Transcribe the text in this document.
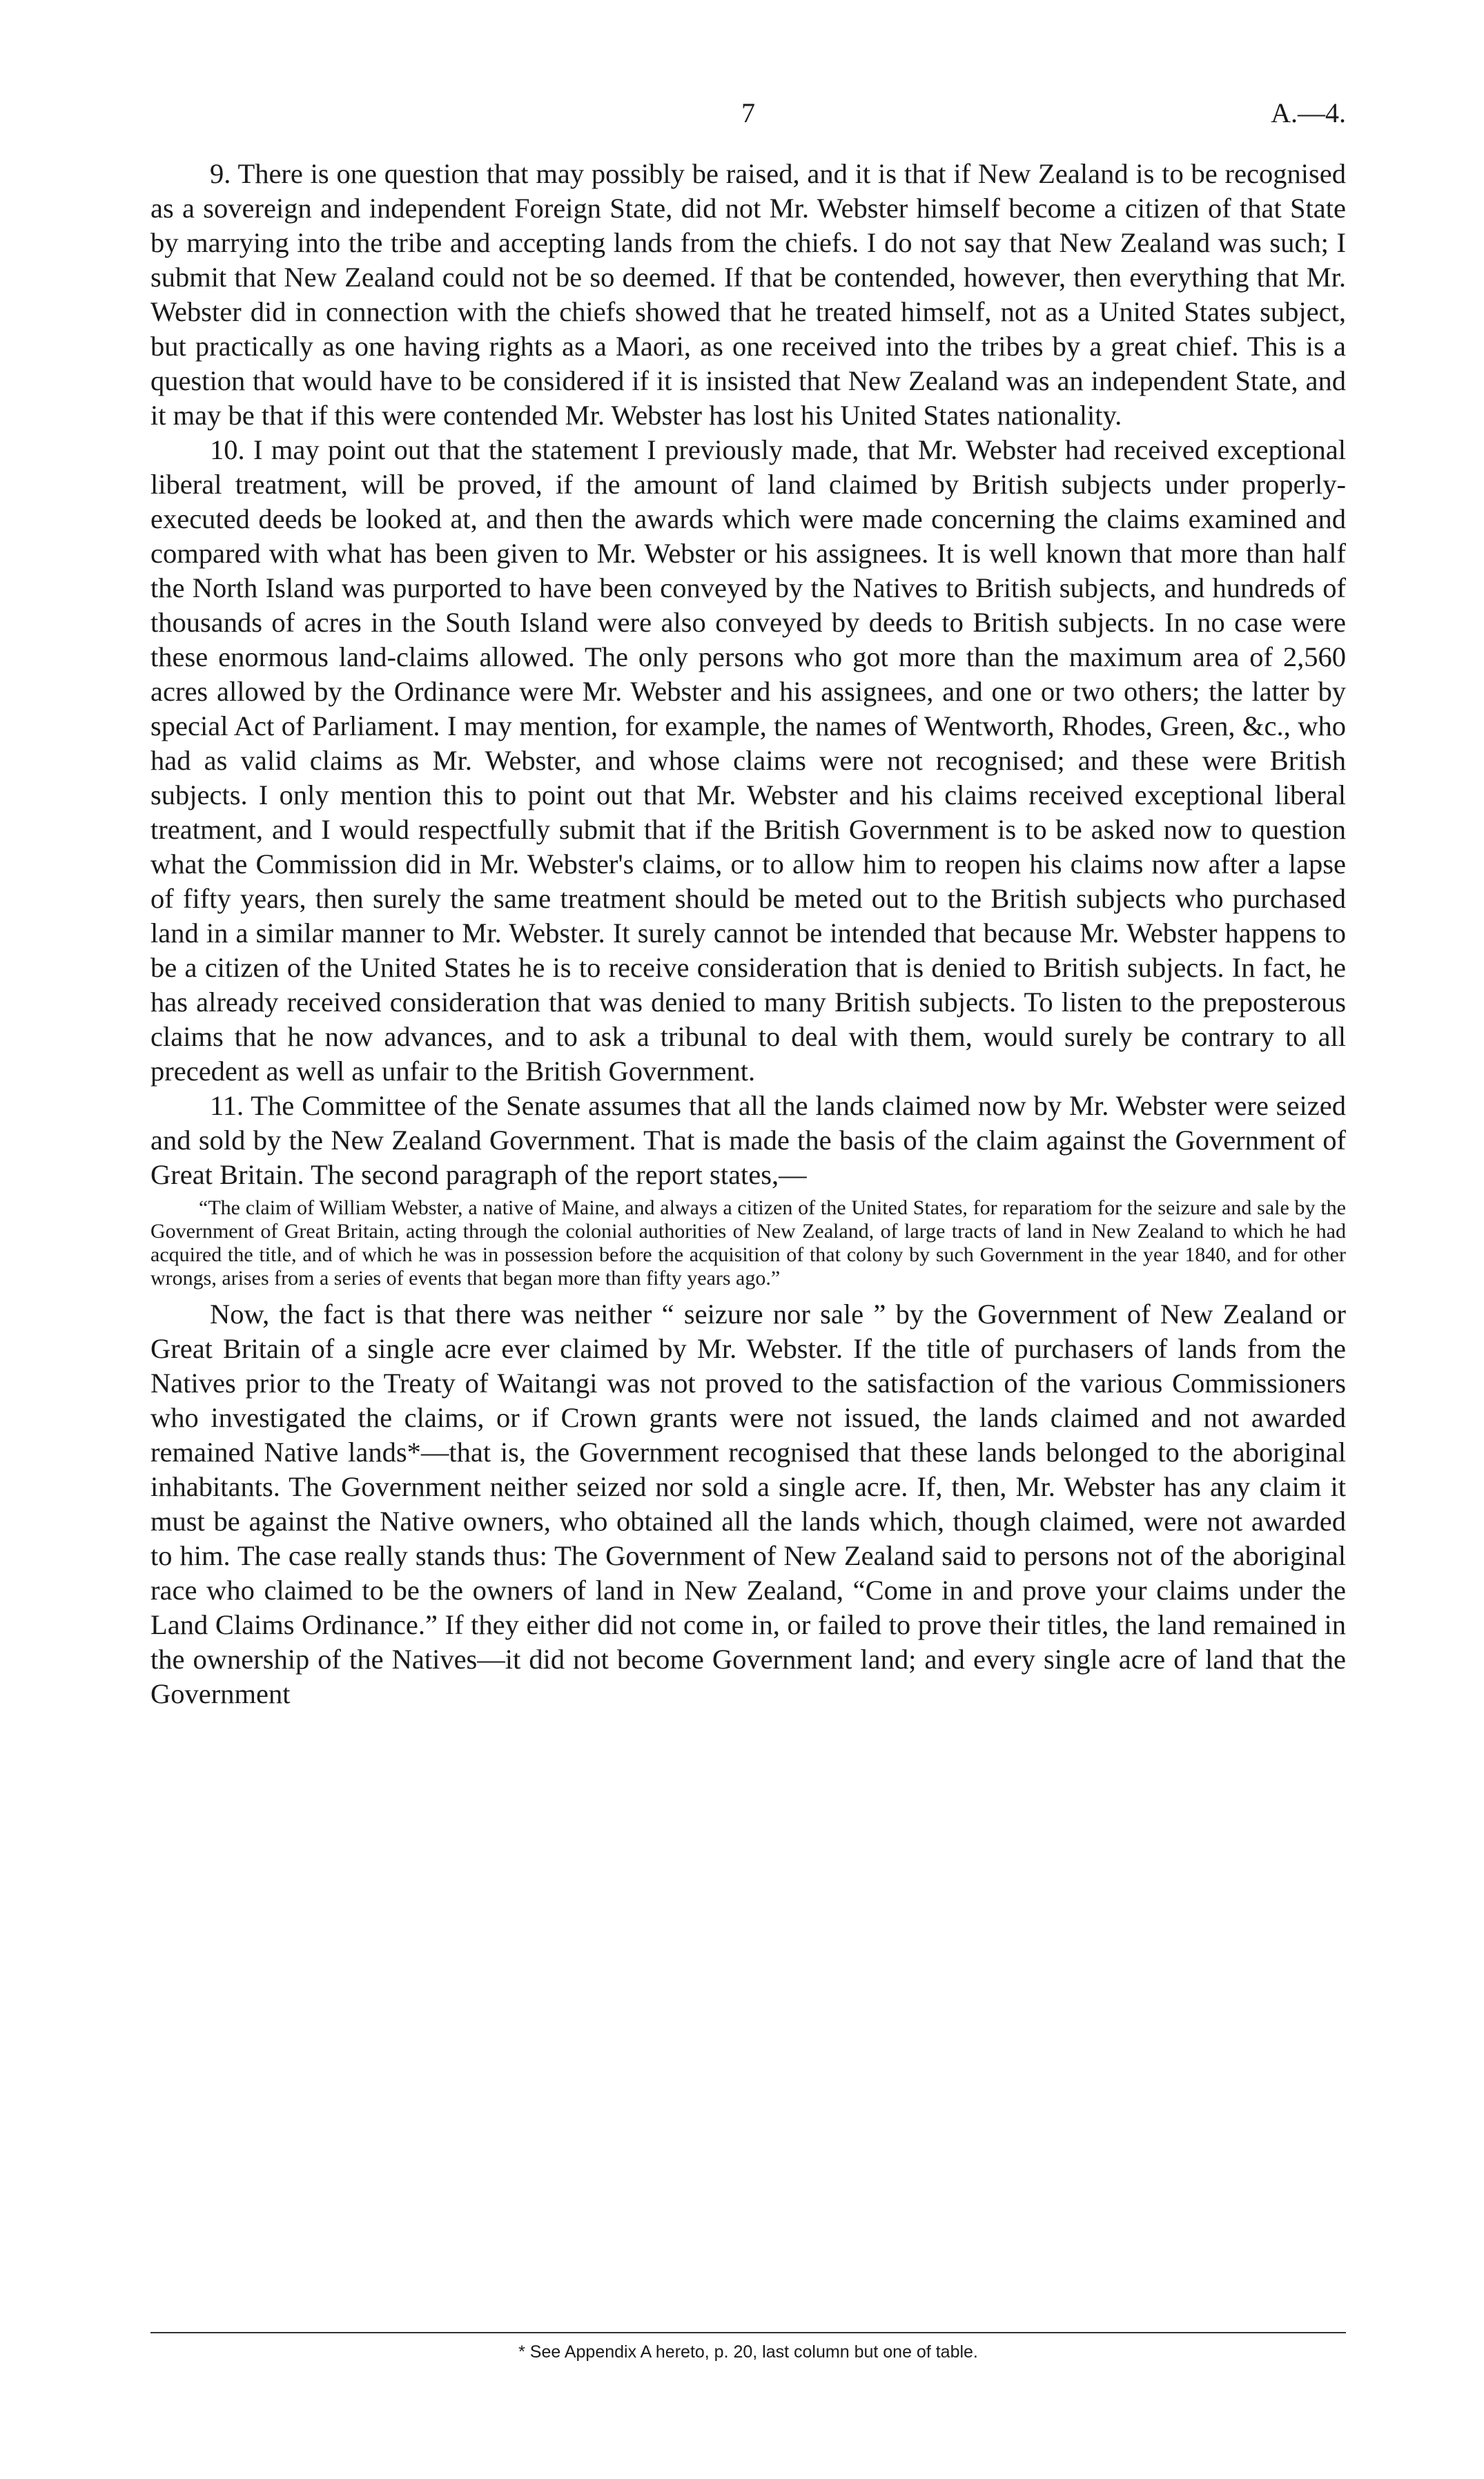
7	A.—4.

9. There is one question that may possibly be raised, and it is that if New Zealand is to be recognised as a sovereign and independent Foreign State, did not Mr. Webster himself become a citizen of that State by marrying into the tribe and accepting lands from the chiefs. I do not say that New Zealand was such; I submit that New Zealand could not be so deemed. If that be contended, however, then everything that Mr. Webster did in connection with the chiefs showed that he treated himself, not as a United States subject, but practically as one having rights as a Maori, as one received into the tribes by a great chief. This is a question that would have to be considered if it is insisted that New Zealand was an independent State, and it may be that if this were contended Mr. Webster has lost his United States nationality.

10. I may point out that the statement I previously made, that Mr. Webster had received exceptional liberal treatment, will be proved, if the amount of land claimed by British subjects under properly-executed deeds be looked at, and then the awards which were made concerning the claims examined and compared with what has been given to Mr. Webster or his assignees. It is well known that more than half the North Island was purported to have been conveyed by the Natives to British subjects, and hundreds of thousands of acres in the South Island were also conveyed by deeds to British subjects. In no case were these enormous land-claims allowed. The only persons who got more than the maximum area of 2,560 acres allowed by the Ordinance were Mr. Webster and his assignees, and one or two others; the latter by special Act of Parliament. I may mention, for example, the names of Wentworth, Rhodes, Green, &c., who had as valid claims as Mr. Webster, and whose claims were not recognised; and these were British subjects. I only mention this to point out that Mr. Webster and his claims received exceptional liberal treatment, and I would respectfully submit that if the British Government is to be asked now to question what the Commission did in Mr. Webster's claims, or to allow him to reopen his claims now after a lapse of fifty years, then surely the same treatment should be meted out to the British subjects who purchased land in a similar manner to Mr. Webster. It surely cannot be intended that because Mr. Webster happens to be a citizen of the United States he is to receive consideration that is denied to British subjects. In fact, he has already received consideration that was denied to many British subjects. To listen to the preposterous claims that he now advances, and to ask a tribunal to deal with them, would surely be contrary to all precedent as well as unfair to the British Government.

11. The Committee of the Senate assumes that all the lands claimed now by Mr. Webster were seized and sold by the New Zealand Government. That is made the basis of the claim against the Government of Great Britain. The second paragraph of the report states,—

“The claim of William Webster, a native of Maine, and always a citizen of the United States, for reparatiom for the seizure and sale by the Government of Great Britain, acting through the colonial authorities of New Zealand, of large tracts of land in New Zealand to which he had acquired the title, and of which he was in possession before the acquisition of that colony by such Government in the year 1840, and for other wrongs, arises from a series of events that began more than fifty years ago.”

Now, the fact is that there was neither “ seizure nor sale ” by the Government of New Zealand or Great Britain of a single acre ever claimed by Mr. Webster. If the title of purchasers of lands from the Natives prior to the Treaty of Waitangi was not proved to the satisfaction of the various Commissioners who investigated the claims, or if Crown grants were not issued, the lands claimed and not awarded remained Native lands*—that is, the Government recognised that these lands belonged to the aboriginal inhabitants. The Government neither seized nor sold a single acre. If, then, Mr. Webster has any claim it must be against the Native owners, who obtained all the lands which, though claimed, were not awarded to him. The case really stands thus: The Government of New Zealand said to persons not of the aboriginal race who claimed to be the owners of land in New Zealand, “Come in and prove your claims under the Land Claims Ordinance.” If they either did not come in, or failed to prove their titles, the land remained in the ownership of the Natives—it did not become Government land; and every single acre of land that the Government

* See Appendix A hereto, p. 20, last column but one of table.
